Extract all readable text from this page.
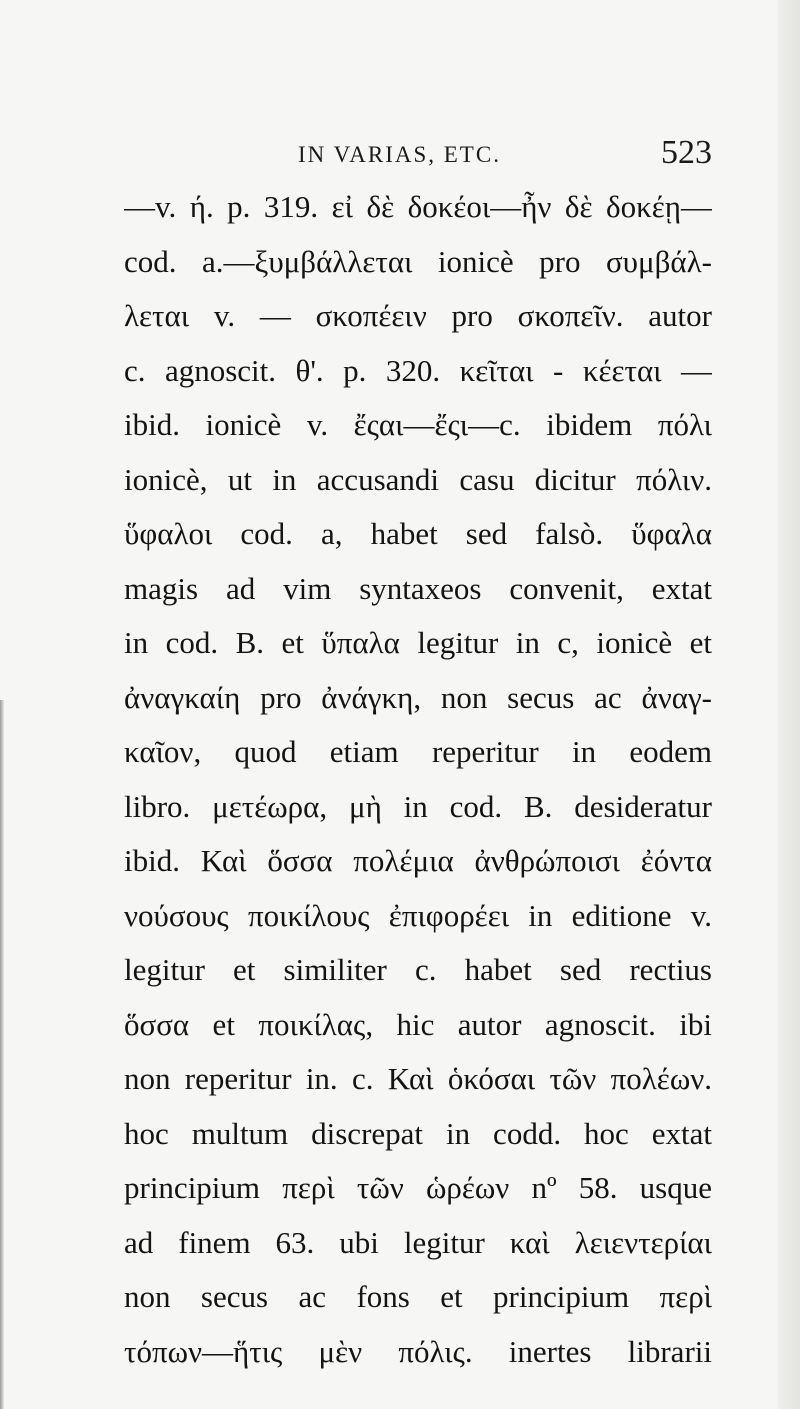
IN VARIAS, ETC.	523
—v. ή. p. 319. εἰ δὲ δοκέοι—ἦν δὲ δοκέῃ—
cod. a.—ξυμβάλλεται ionicè pro συμβάλ-
λεται v. — σκοπέειν pro σκοπεῖν. autor
c. agnoscit. θ'. p. 320. κεῖται - κέεται —
ibid. ionicè v. ἔςαι—ἔςι—c. ibidem πόλι
ionicè, ut in accusandi casu dicitur πόλιν.
ὕφαλοι cod. a, habet sed falsò. ὕφαλα
magis ad vim syntaxeos convenit, extat
in cod. B. et ὕπαλα legitur in c, ionicè et
ἀναγκαίη pro ἀνάγκη, non secus ac ἀναγ-
καῖον, quod etiam reperitur in eodem
libro. μετέωρα, μὴ in cod. B. desideratur
ibid. Καὶ ὅσσα πολέμια ἀνθρώποισι ἐόντα
νούσους ποικίλους ἐπιφορέει in editione v.
legitur et similiter c. habet sed rectius
ὅσσα et ποικίλας, hic autor agnoscit. ibi
non reperitur in. c. Καὶ ὁκόσαι τῶν πολέων.
hoc multum discrepat in codd. hoc extat
principium περὶ τῶν ὡρέων nº 58. usque
ad finem 63. ubi legitur καὶ λειεντερίαι
non secus ac fons et principium περὶ
τόπων—ἥτις μὲν πόλις. inertes librarii
